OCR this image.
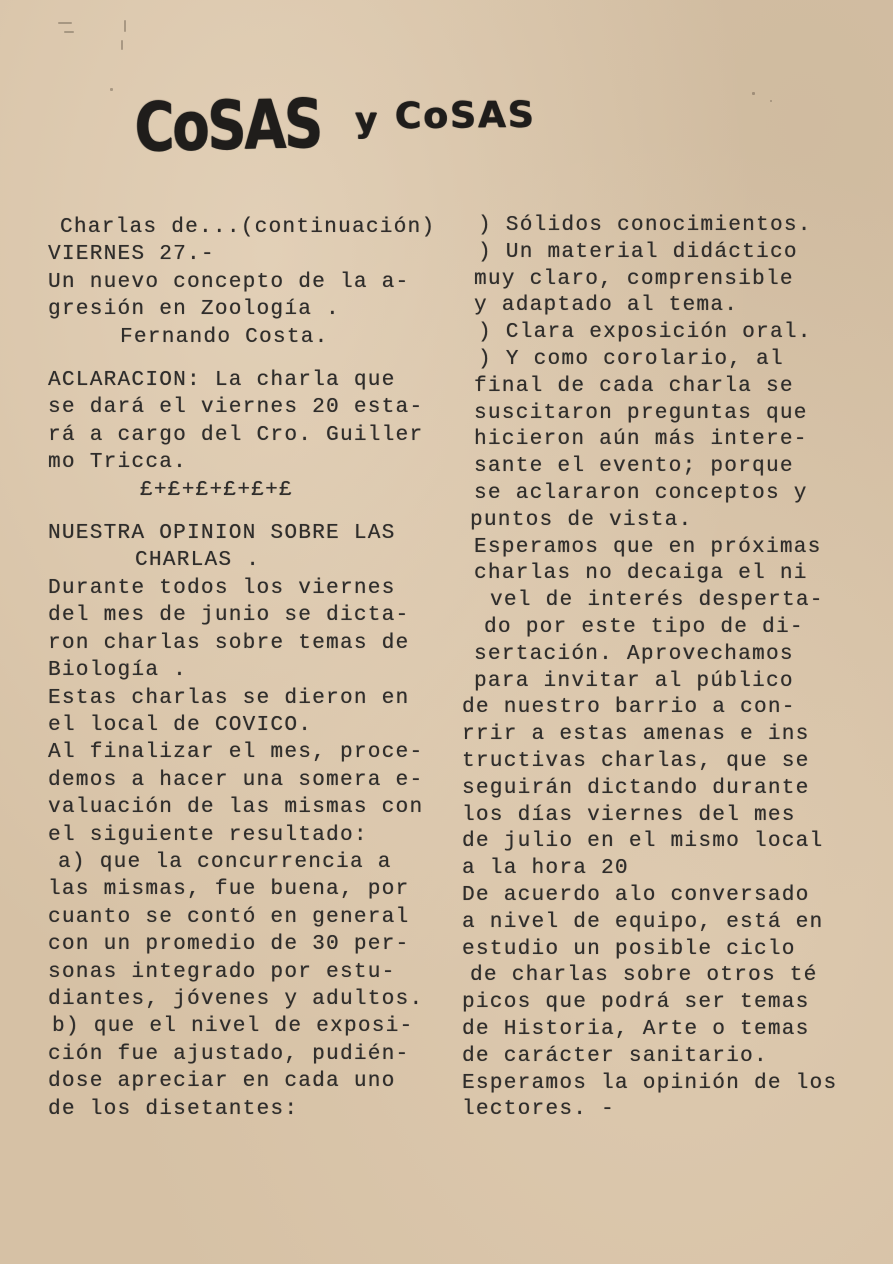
CoSAS y CoSAS
Charlas de...(continuación)
VIERNES 27.-
Un nuevo concepto de la a-
gresión en Zoología .
Fernando Costa.
ACLARACION: La charla que
se dará el viernes 20 esta-
rá a cargo del Cro. Guiller
mo Tricca.
£+£+£+£+£+£
NUESTRA OPINION SOBRE LAS
CHARLAS .
Durante todos los viernes
del mes de junio se dicta-
ron charlas sobre temas de
Biología .
Estas charlas se dieron en
el local de COVICO.
Al finalizar el mes, proce-
demos a hacer una somera e-
valuación de las mismas con
el siguiente resultado:
a) que la concurrencia a
las mismas, fue buena, por
cuanto se contó en general
con un promedio de 30 per-
sonas integrado por estu-
diantes, jóvenes y adultos.
b) que el nivel de exposi-
ción fue ajustado, pudién-
dose apreciar en cada uno
de los disetantes:
) Sólidos conocimientos.
) Un material didáctico
muy claro, comprensible
y adaptado al tema.
) Clara exposición oral.
) Y como corolario, al
final de cada charla se
suscitaron preguntas que
hicieron aún más intere-
sante el evento; porque
se aclararon conceptos y
puntos de vista.
Esperamos que en próximas
charlas no decaiga el ni
vel de interés desperta-
do por este tipo de di-
sertación. Aprovechamos
para invitar al público
de nuestro barrio a con-
rrir a estas amenas e ins
tructivas charlas, que se
seguirán dictando durante
los días viernes del mes
de julio en el mismo local
a la hora 20
De acuerdo alo conversado
a nivel de equipo, está en
estudio un posible ciclo
de charlas sobre otros té
picos que podrá ser temas
de Historia, Arte o temas
de carácter sanitario.
Esperamos la opinión de los
lectores. -
